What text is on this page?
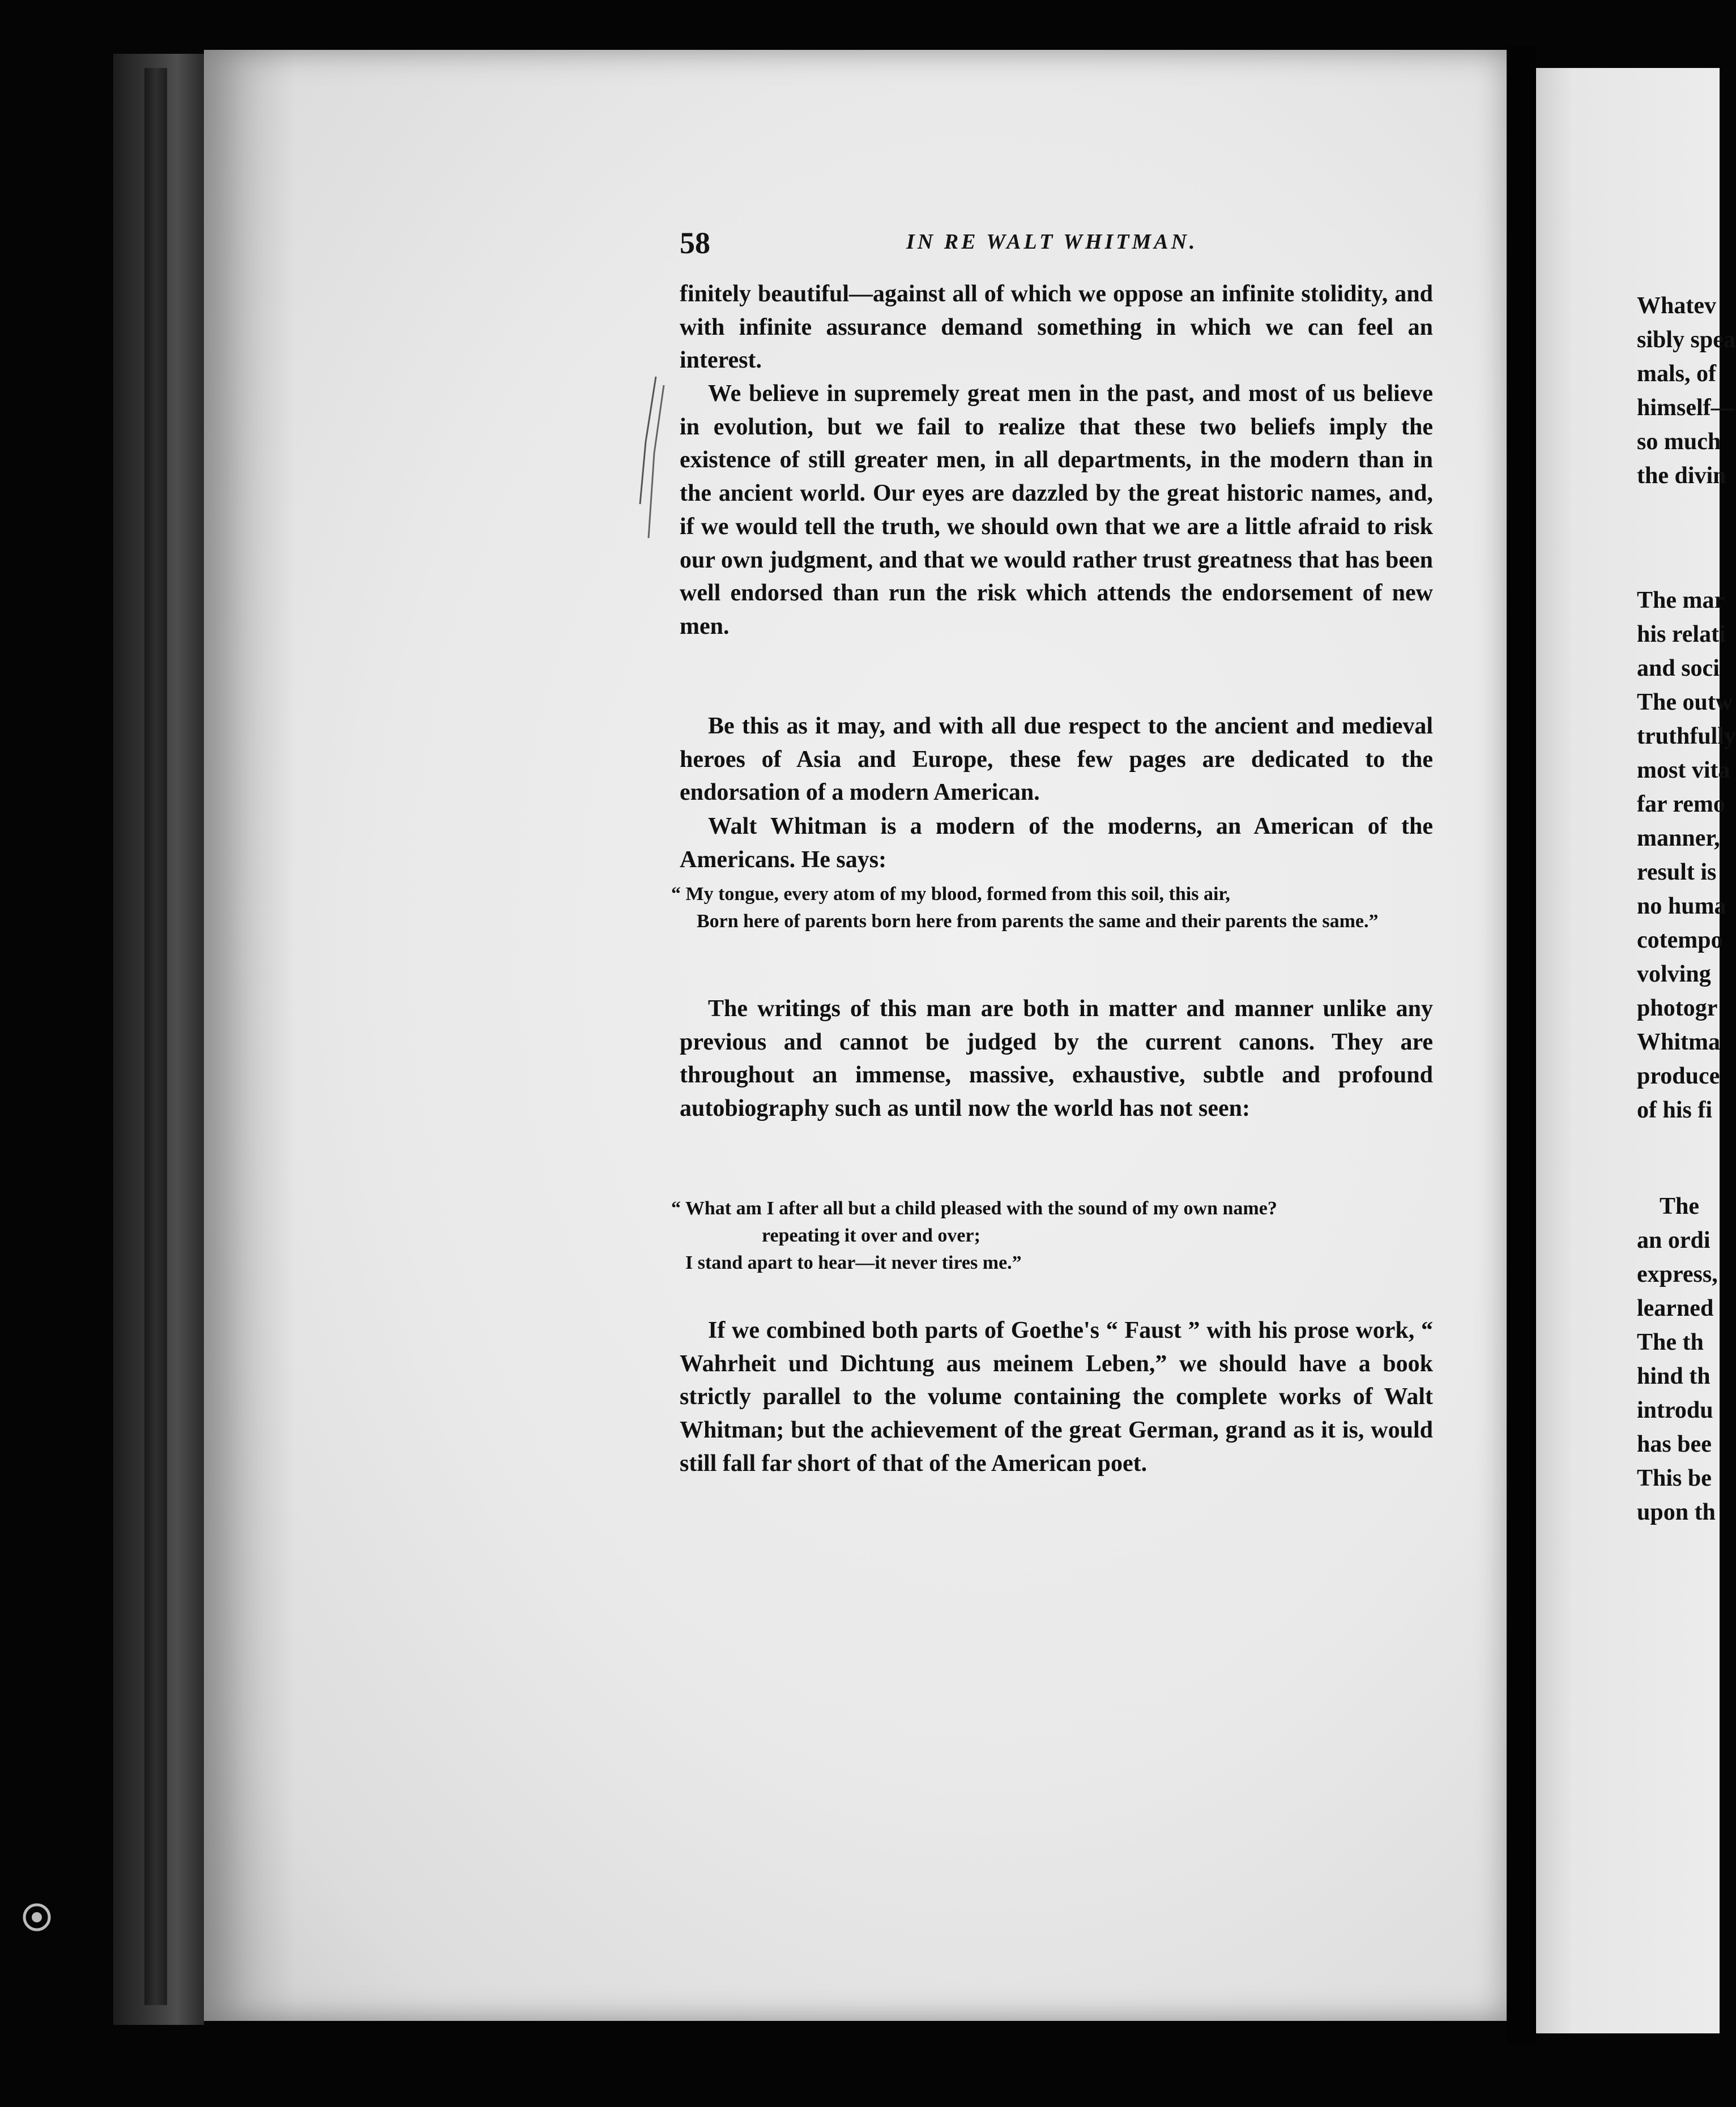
58	IN RE WALT WHITMAN.

finitely beautiful—against all of which we oppose an infinite stolidity, and with infinite assurance demand something in which we can feel an interest.

We believe in supremely great men in the past, and most of us believe in evolution, but we fail to realize that these two beliefs imply the existence of still greater men, in all departments, in the modern than in the ancient world. Our eyes are dazzled by the great historic names, and, if we would tell the truth, we should own that we are a little afraid to risk our own judgment, and that we would rather trust greatness that has been well endorsed than run the risk which attends the endorsement of new men.

Be this as it may, and with all due respect to the ancient and medieval heroes of Asia and Europe, these few pages are dedicated to the endorsation of a modern American.

Walt Whitman is a modern of the moderns, an American of the Americans. He says:

“ My tongue, every atom of my blood, formed from this soil, this air,
Born here of parents born here from parents the same and their parents the same.”

The writings of this man are both in matter and manner unlike any previous and cannot be judged by the current canons. They are throughout an immense, massive, exhaustive, subtle and profound autobiography such as until now the world has not seen:

“ What am I after all but a child pleased with the sound of my own name?
repeating it over and over;
I stand apart to hear—it never tires me.”

If we combined both parts of Goethe's “ Faust ” with his prose work, “ Wahrheit und Dichtung aus meinem Leben,” we should have a book strictly parallel to the volume containing the complete works of Walt Whitman; but the achievement of the great German, grand as it is, would still fall far short of that of the American poet.

Whatev
sibly spea
mals, of
himself—
so much
the divin
The mar
his relati
and soci
The outw
truthfully
most vita
far remo
manner,
result is
no huma
cotempo
volving
photogr
Whitma
produce
of his fi
The
an ordi
express,
learned
The th
hind th
introdu
has bee
This be
upon th
